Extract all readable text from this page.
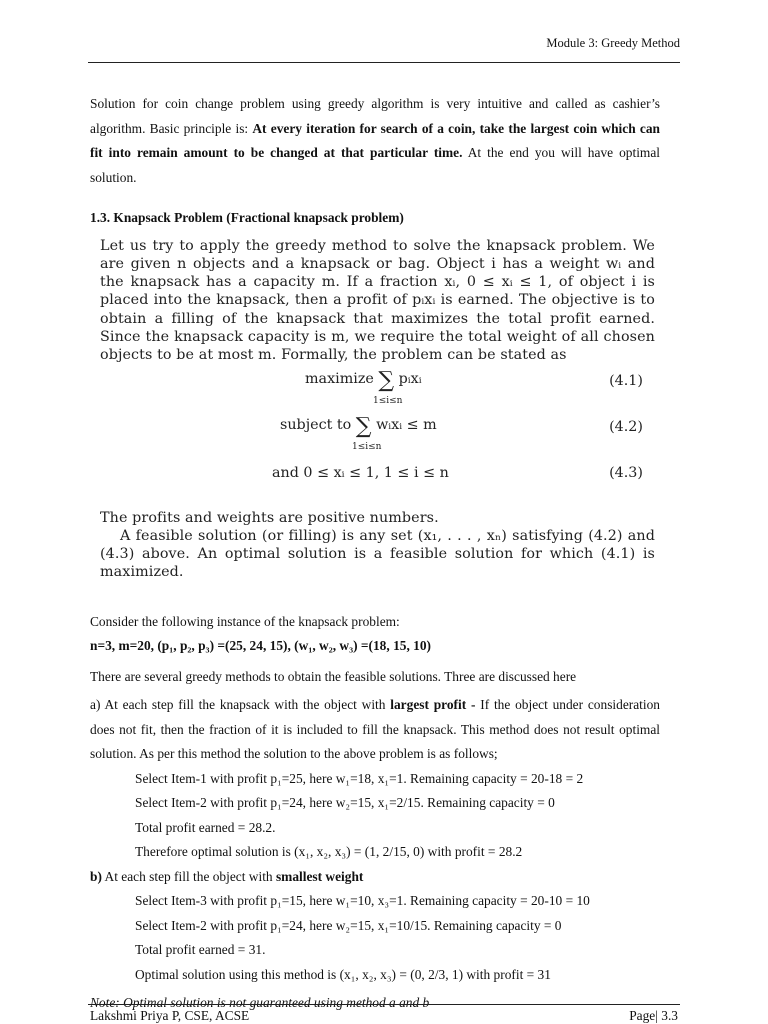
Module 3: Greedy Method

Solution for coin change problem using greedy algorithm is very intuitive and called as cashier’s algorithm. Basic principle is: At every iteration for search of a coin, take the largest coin which can fit into remain amount to be changed at that particular time. At the end you will have optimal solution.

1.3. Knapsack Problem (Fractional knapsack problem)

Let us try to apply the greedy method to solve the knapsack problem. We are given n objects and a knapsack or bag. Object i has a weight wᵢ and the knapsack has a capacity m. If a fraction xᵢ, 0 ≤ xᵢ ≤ 1, of object i is placed into the knapsack, then a profit of pᵢxᵢ is earned. The objective is to obtain a filling of the knapsack that maximizes the total profit earned. Since the knapsack capacity is m, we require the total weight of all chosen objects to be at most m. Formally, the problem can be stated as

maximize ∑ pᵢxᵢ
1≤i≤n
(4.1)
subject to ∑ wᵢxᵢ ≤ m
1≤i≤n
(4.2)
and 0 ≤ xᵢ ≤ 1, 1 ≤ i ≤ n	(4.3)
The profits and weights are positive numbers.
A feasible solution (or filling) is any set (x₁, . . . , xₙ) satisfying (4.2) and (4.3) above. An optimal solution is a feasible solution for which (4.1) is maximized.
Consider the following instance of the knapsack problem:
n=3, m=20, (p₁, p₂, p₃) =(25, 24, 15), (w₁, w₂, w₃) =(18, 15, 10)
There are several greedy methods to obtain the feasible solutions. Three are discussed here

a) At each step fill the knapsack with the object with largest profit - If the object under consideration does not fit, then the fraction of it is included to fill the knapsack. This method does not result optimal solution. As per this method the solution to the above problem is as follows;

Select Item-1 with profit p₁=25, here w₁=18, x₁=1. Remaining capacity = 20-18 = 2
Select Item-2 with profit p₁=24, here w₂=15, x₁=2/15. Remaining capacity = 0
Total profit earned = 28.2.
Therefore optimal solution is (x₁, x₂, x₃) = (1, 2/15, 0) with profit = 28.2
b) At each step fill the object with smallest weight
Select Item-3 with profit p₁=15, here w₁=10, x₃=1. Remaining capacity = 20-10 = 10
Select Item-2 with profit p₁=24, here w₂=15, x₁=10/15. Remaining capacity = 0
Total profit earned = 31.
Optimal solution using this method is (x₁, x₂, x₃) = (0, 2/3, 1) with profit = 31
Note: Optimal solution is not guaranteed using method a and b
Lakshmi Priya P, CSE, ACSE	Page| 3.3
